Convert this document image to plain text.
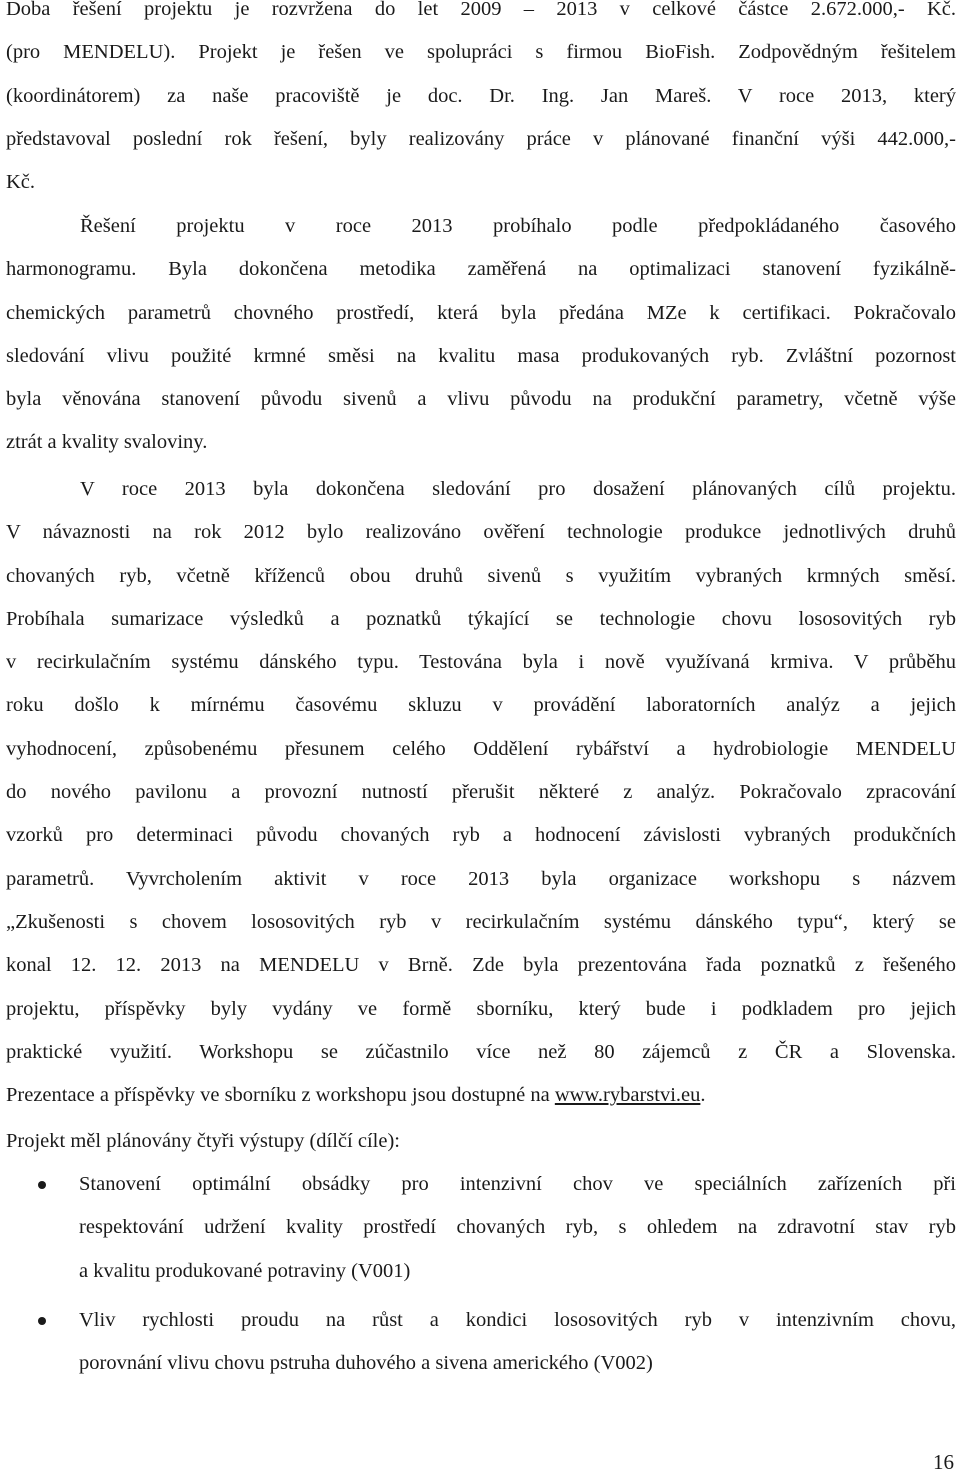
Doba řešení projektu je rozvržena do let 2009 – 2013 v celkové částce 2.672.000,- Kč.
(pro MENDELU). Projekt je řešen ve spolupráci s firmou BioFish. Zodpovědným řešitelem
(koordinátorem) za naše pracoviště je doc. Dr. Ing. Jan Mareš. V roce 2013, který
představoval poslední rok řešení, byly realizovány práce v plánované finanční výši 442.000,-
Kč.

Řešení projektu v roce 2013 probíhalo podle předpokládaného časového
harmonogramu. Byla dokončena metodika zaměřená na optimalizaci stanovení fyzikálně-
chemických parametrů chovného prostředí, která byla předána MZe k certifikaci. Pokračovalo
sledování vlivu použité krmné směsi na kvalitu masa produkovaných ryb. Zvláštní pozornost
byla věnována stanovení původu sivenů a vlivu původu na produkční parametry, včetně výše
ztrát a kvality svaloviny.

V roce 2013 byla dokončena sledování pro dosažení plánovaných cílů projektu.
V návaznosti na rok 2012 bylo realizováno ověření technologie produkce jednotlivých druhů
chovaných ryb, včetně kříženců obou druhů sivenů s využitím vybraných krmných směsí.
Probíhala sumarizace výsledků a poznatků týkající se technologie chovu lososovitých ryb
v recirkulačním systému dánského typu. Testována byla i nově využívaná krmiva. V průběhu
roku došlo k mírnému časovému skluzu v provádění laboratorních analýz a jejich
vyhodnocení, způsobenému přesunem celého Oddělení rybářství a hydrobiologie MENDELU
do nového pavilonu a provozní nutností přerušit některé z analýz. Pokračovalo zpracování
vzorků pro determinaci původu chovaných ryb a hodnocení závislosti vybraných produkčních
parametrů. Vyvrcholením aktivit v roce 2013 byla organizace workshopu s názvem
„Zkušenosti s chovem lososovitých ryb v recirkulačním systému dánského typu“, který se
konal 12. 12. 2013 na MENDELU v Brně. Zde byla prezentována řada poznatků z řešeného
projektu, příspěvky byly vydány ve formě sborníku, který bude i podkladem pro jejich
praktické využití. Workshopu se zúčastnilo více než 80 zájemců z ČR a Slovenska.
Prezentace a příspěvky ve sborníku z workshopu jsou dostupné na www.rybarstvi.eu.

Projekt měl plánovány čtyři výstupy (dílčí cíle):

Stanovení optimální obsádky pro intenzivní chov ve speciálních zařízeních při
respektování udržení kvality prostředí chovaných ryb, s ohledem na zdravotní stav ryb
a kvalitu produkované potraviny (V001)
Vliv rychlosti proudu na růst a kondici lososovitých ryb v intenzivním chovu,
porovnání vlivu chovu pstruha duhového a sivena amerického (V002)
16
